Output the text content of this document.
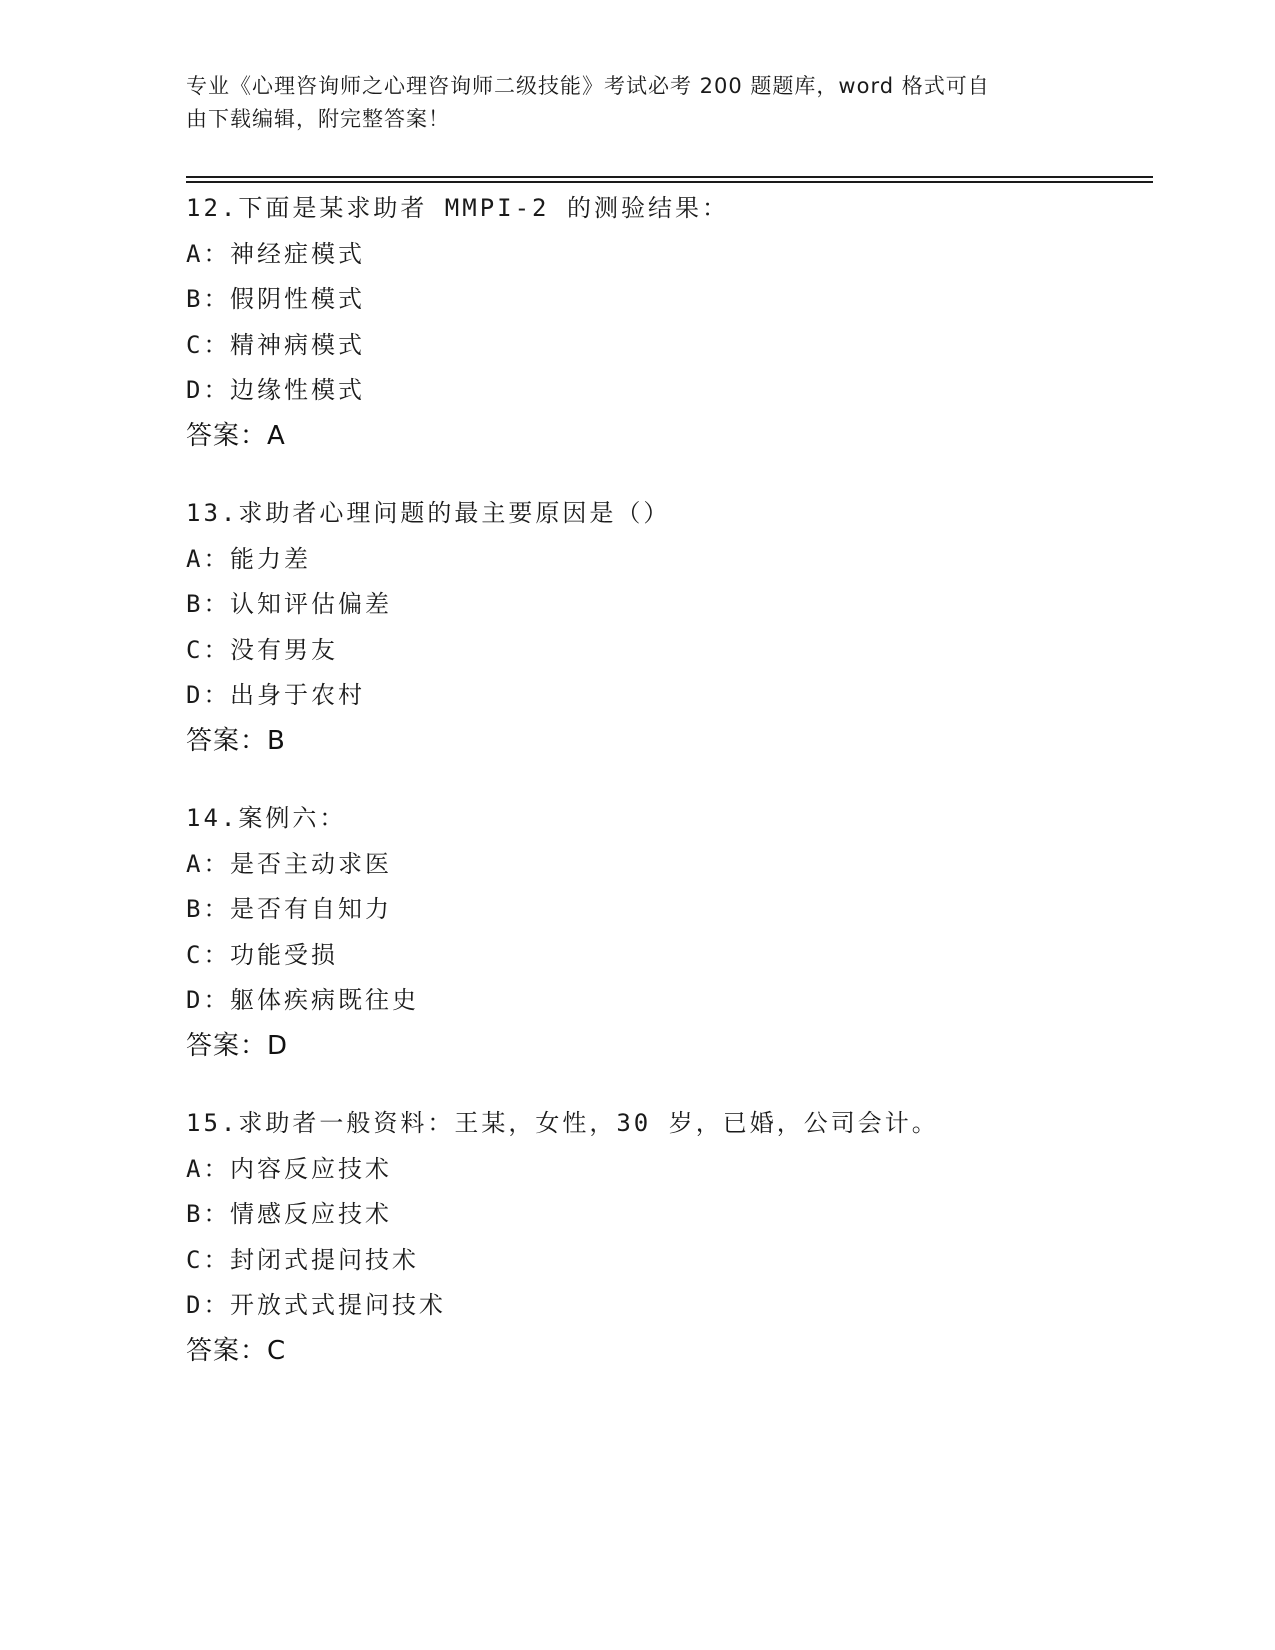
专业《心理咨询师之心理咨询师二级技能》考试必考 200 题题库，word 格式可自
由下载编辑，附完整答案！
12.下面是某求助者 MMPI-2 的测验结果：
A：神经症模式
B：假阴性模式
C：精神病模式
D：边缘性模式
答案：A
13.求助者心理问题的最主要原因是（）
A：能力差
B：认知评估偏差
C：没有男友
D：出身于农村
答案：B
14.案例六：
A：是否主动求医
B：是否有自知力
C：功能受损
D：躯体疾病既往史
答案：D
15.求助者一般资料：王某，女性，30 岁，已婚，公司会计。
A：内容反应技术
B：情感反应技术
C：封闭式提问技术
D：开放式式提问技术
答案：C
